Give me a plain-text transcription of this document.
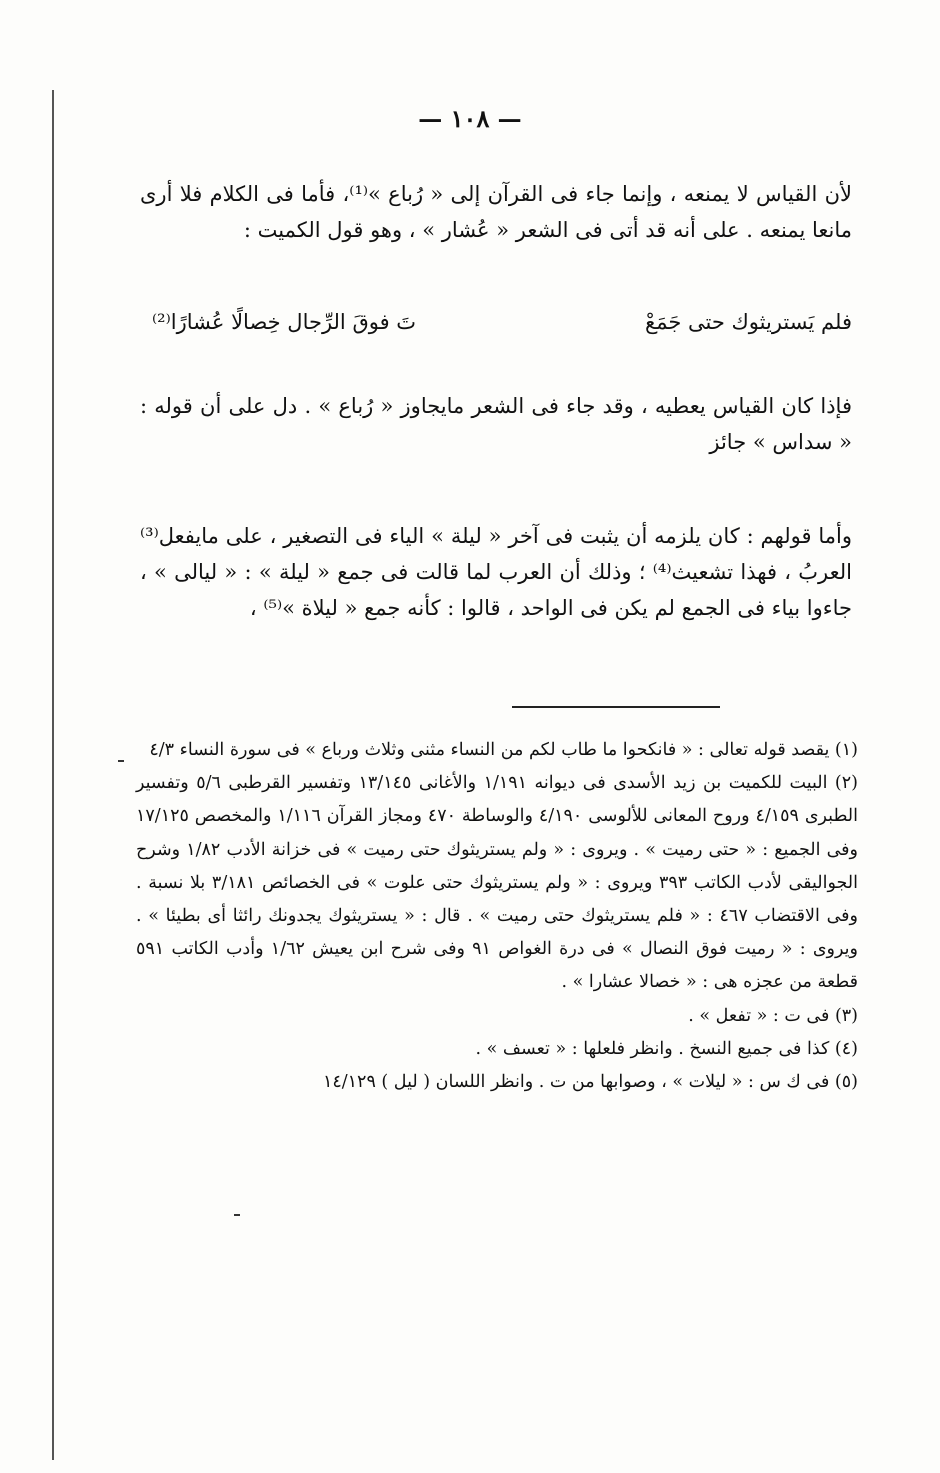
— ١٠٨ —

لأن القياس لا يمنعه ، وإنما جاء فى القرآن إلى « رُباع »⁽¹⁾، فأما فى الكلام فلا أرى مانعا يمنعه . على أنه قد أتى فى الشعر « عُشار » ، وهو قول الكميت :

فلم يَستريثوك حتى جَمَعْ
تَ فوقَ الرِّجال خِصالًا عُشارًا⁽²⁾

فإذا كان القياس يعطيه ، وقد جاء فى الشعر مايجاوز « رُباع » . دل على أن قوله : « سداس » جائز

وأما قولهم : كان يلزمه أن يثبت فى آخر « ليلة » الياء فى التصغير ، على مايفعل⁽³⁾ العربُ ، فهذا تشعيث⁽⁴⁾ ؛ وذلك أن العرب لما قالت فى جمع « ليلة » : « ليالى » ، جاءوا بياء فى الجمع لم يكن فى الواحد ، قالوا : كأنه جمع « ليلاة »⁽⁵⁾ ،

(١) يقصد قوله تعالى : « فانكحوا ما طاب لكم من النساء مثنى وثلاث ورباع » فى سورة النساء ٤/٣

(٢) البيت للكميت بن زيد الأسدى فى ديوانه ١/١٩١ والأغانى ١٣/١٤٥ وتفسير القرطبى ٥/٦ وتفسير الطبرى ٤/١٥٩ وروح المعانى للألوسى ٤/١٩٠ والوساطة ٤٧٠ ومجاز القرآن ١/١١٦ والمخصص ١٧/١٢٥ وفى الجميع : « حتى رميت » . ويروى : « ولم يستريثوك حتى رميت » فى خزانة الأدب ١/٨٢ وشرح الجواليقى لأدب الكاتب ٣٩٣ ويروى : « ولم يستريثوك حتى علوت » فى الخصائص ٣/١٨١ بلا نسبة . وفى الاقتضاب ٤٦٧ : « فلم يستريثوك حتى رميت » . قال : « يستريثوك يجدونك رائثا أى بطيئا » . ويروى : « رميت فوق النصال » فى درة الغواص ٩١ وفى شرح ابن يعيش ١/٦٢ وأدب الكاتب ٥٩١ قطعة من عجزه هى : « خصالا عشارا » .

(٣) فى ت : « تفعل » .

(٤) كذا فى جميع النسخ . وانظر فلعلها : « تعسف » .

(٥) فى ك س : « ليلات » ، وصوابها من ت . وانظر اللسان ( ليل ) ١٤/١٢٩
